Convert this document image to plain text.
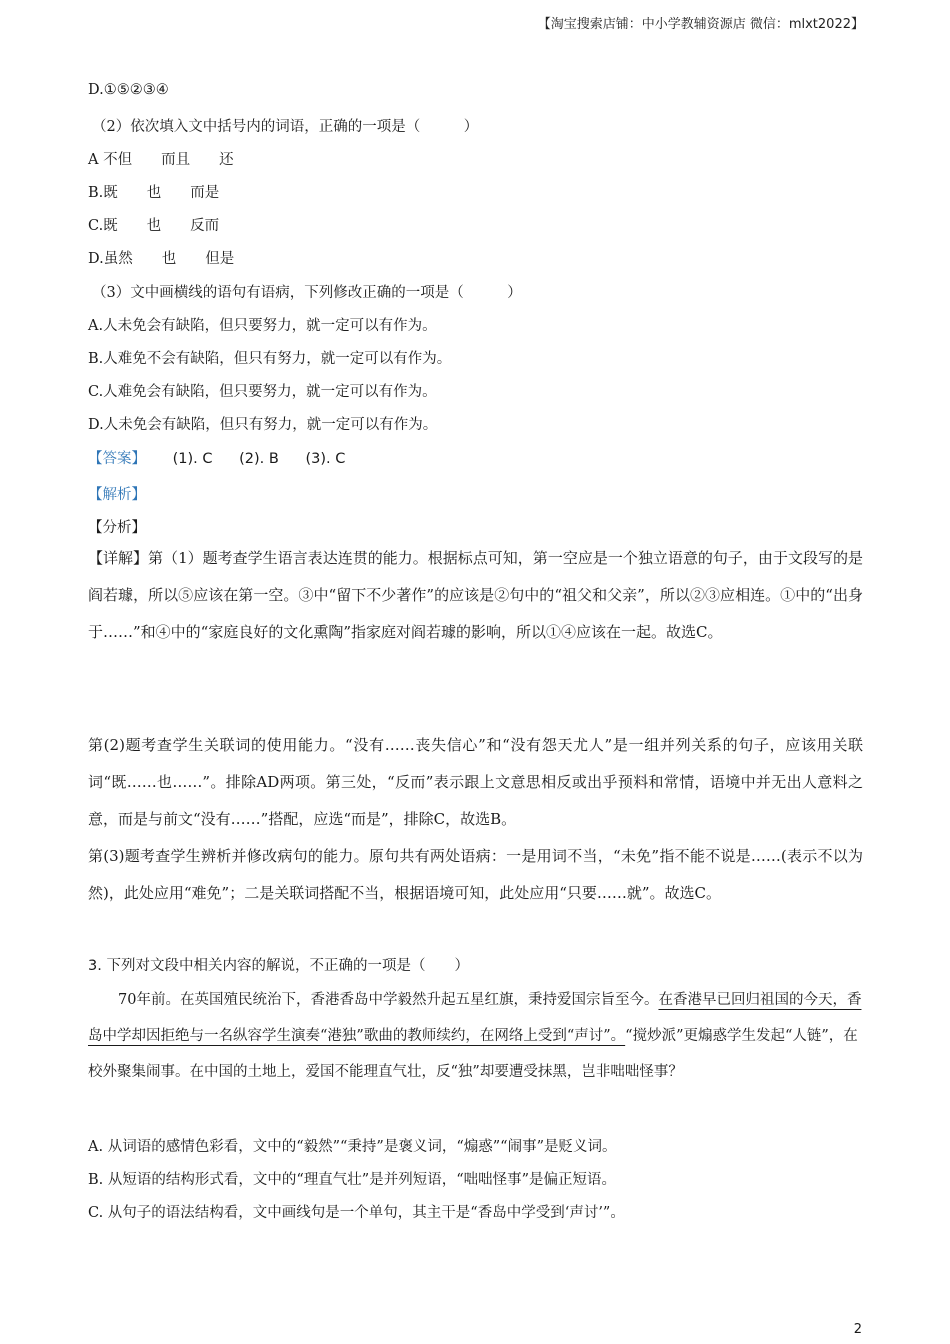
【淘宝搜索店铺：中小学教辅资源店 微信：mlxt2022】
D.①⑤②③④
（2）依次填入文中括号内的词语，正确的一项是（　　　）
A 不但　　而且　　还
B.既　　也　　而是
C.既　　也　　反而
D.虽然　　也　　但是
（3）文中画横线的语句有语病，下列修改正确的一项是（　　　）
A.人未免会有缺陷，但只要努力，就一定可以有作为。
B.人难免不会有缺陷，但只有努力，就一定可以有作为。
C.人难免会有缺陷，但只要努力，就一定可以有作为。
D.人未免会有缺陷，但只有努力，就一定可以有作为。
【答案】 (1). C (2). B (3). C
【解析】
【分析】

【详解】第（1）题考查学生语言表达连贯的能力。根据标点可知，第一空应是一个独立语意的句子，由于文段写的是阎若璩，所以⑤应该在第一空。③中“留下不少著作”的应该是②句中的“祖父和父亲”，所以②③应相连。①中的“出身于……”和④中的“家庭良好的文化熏陶”指家庭对阎若璩的影响，所以①④应该在一起。故选C。

第(2)题考查学生关联词的使用能力。“没有……丧失信心”和“没有怨天尤人”是一组并列关系的句子，应该用关联词“既……也……”。排除AD两项。第三处，“反而”表示跟上文意思相反或出乎预料和常情，语境中并无出人意料之意，而是与前文“没有……”搭配，应选“而是”，排除C，故选B。

第(3)题考查学生辨析并修改病句的能力。原句共有两处语病：一是用词不当，“未免”指不能不说是……(表示不以为然)，此处应用“难免”；二是关联词搭配不当，根据语境可知，此处应用“只要……就”。故选C。

3. 下列对文段中相关内容的解说，不正确的一项是（　　）

70年前。在英国殖民统治下，香港香岛中学毅然升起五星红旗，秉持爱国宗旨至今。在香港早已回归祖国的今天，香岛中学却因拒绝与一名纵容学生演奏“港独”歌曲的教师续约，在网络上受到“声讨”。“搅炒派”更煽惑学生发起“人链”，在校外聚集闹事。在中国的土地上，爱国不能理直气壮，反“独”却要遭受抹黑，岂非咄咄怪事？

A. 从词语的感情色彩看，文中的“毅然”“秉持”是褒义词，“煽惑”“闹事”是贬义词。
B. 从短语的结构形式看，文中的“理直气壮”是并列短语，“咄咄怪事”是偏正短语。
C. 从句子的语法结构看，文中画线句是一个单句，其主干是“香岛中学受到‘声讨’”。
2
